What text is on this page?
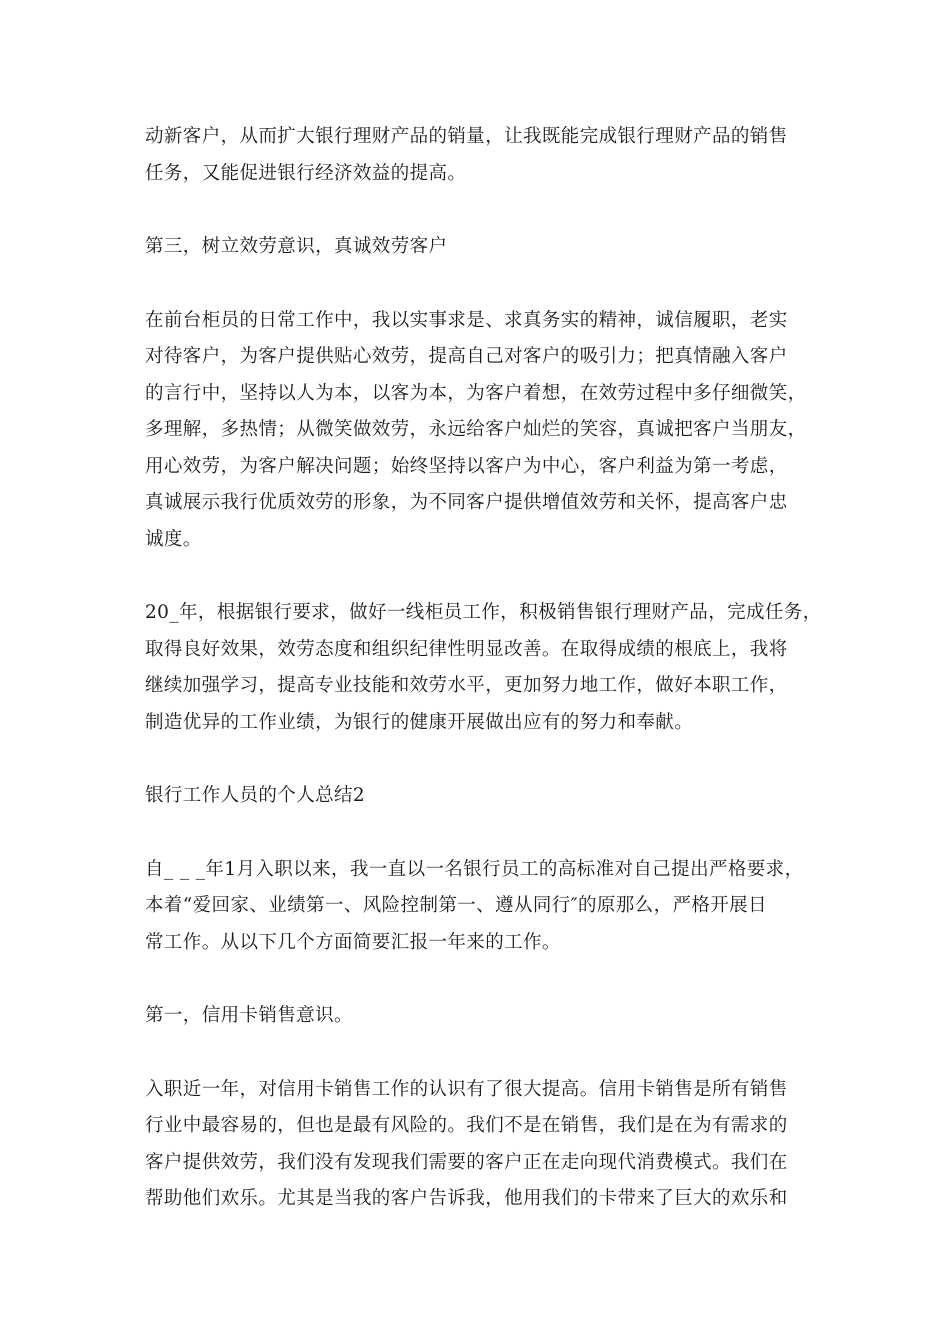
动新客户，从而扩大银行理财产品的销量，让我既能完成银行理财产品的销售
任务，又能促进银行经济效益的提高。
第三，树立效劳意识，真诚效劳客户
在前台柜员的日常工作中，我以实事求是、求真务实的精神，诚信履职，老实
对待客户，为客户提供贴心效劳，提高自己对客户的吸引力；把真情融入客户
的言行中，坚持以人为本，以客为本，为客户着想，在效劳过程中多仔细微笑，
多理解，多热情；从微笑做效劳，永远给客户灿烂的笑容，真诚把客户当朋友，
用心效劳，为客户解决问题；始终坚持以客户为中心，客户利益为第一考虑，
真诚展示我行优质效劳的形象，为不同客户提供增值效劳和关怀，提高客户忠
诚度。
20_年，根据银行要求，做好一线柜员工作，积极销售银行理财产品，完成任务，
取得良好效果，效劳态度和组织纪律性明显改善。在取得成绩的根底上，我将
继续加强学习，提高专业技能和效劳水平，更加努力地工作，做好本职工作，
制造优异的工作业绩，为银行的健康开展做出应有的努力和奉献。
银行工作人员的个人总结2
自_ _ _年1月入职以来，我一直以一名银行员工的高标准对自己提出严格要求，
本着“爱回家、业绩第一、风险控制第一、遵从同行″的原那么，严格开展日
常工作。从以下几个方面简要汇报一年来的工作。
第一，信用卡销售意识。
入职近一年，对信用卡销售工作的认识有了很大提高。信用卡销售是所有销售
行业中最容易的，但也是最有风险的。我们不是在销售，我们是在为有需求的
客户提供效劳，我们没有发现我们需要的客户正在走向现代消费模式。我们在
帮助他们欢乐。尤其是当我的客户告诉我，他用我们的卡带来了巨大的欢乐和
